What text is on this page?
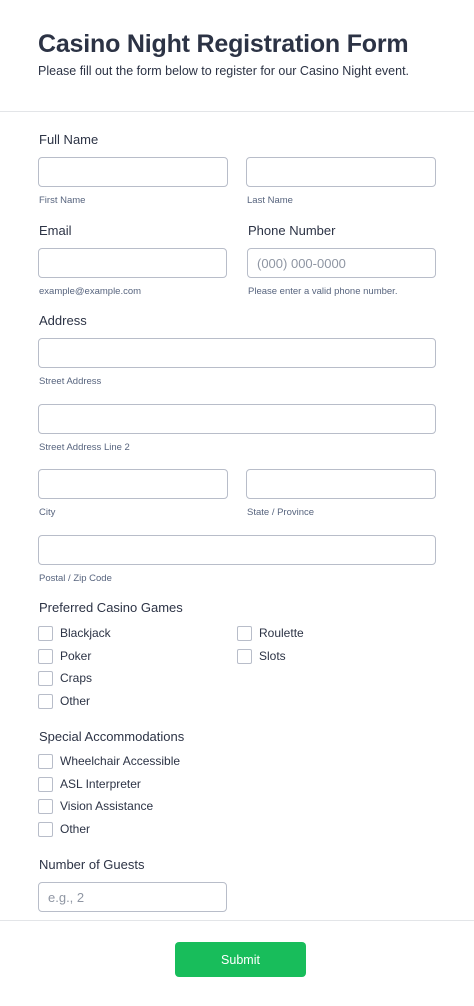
Casino Night Registration Form
Please fill out the form below to register for our Casino Night event.
Full Name
First Name	Last Name
Email	Phone Number
(000) 000-0000
example@example.com	Please enter a valid phone number.
Address
Street Address
Street Address Line 2
City	State / Province
Postal / Zip Code
Preferred Casino Games
Blackjack
Poker
Craps
Other
Roulette
Slots
Special Accommodations
Wheelchair Accessible
ASL Interpreter
Vision Assistance
Other
Number of Guests
e.g., 2
Submit
